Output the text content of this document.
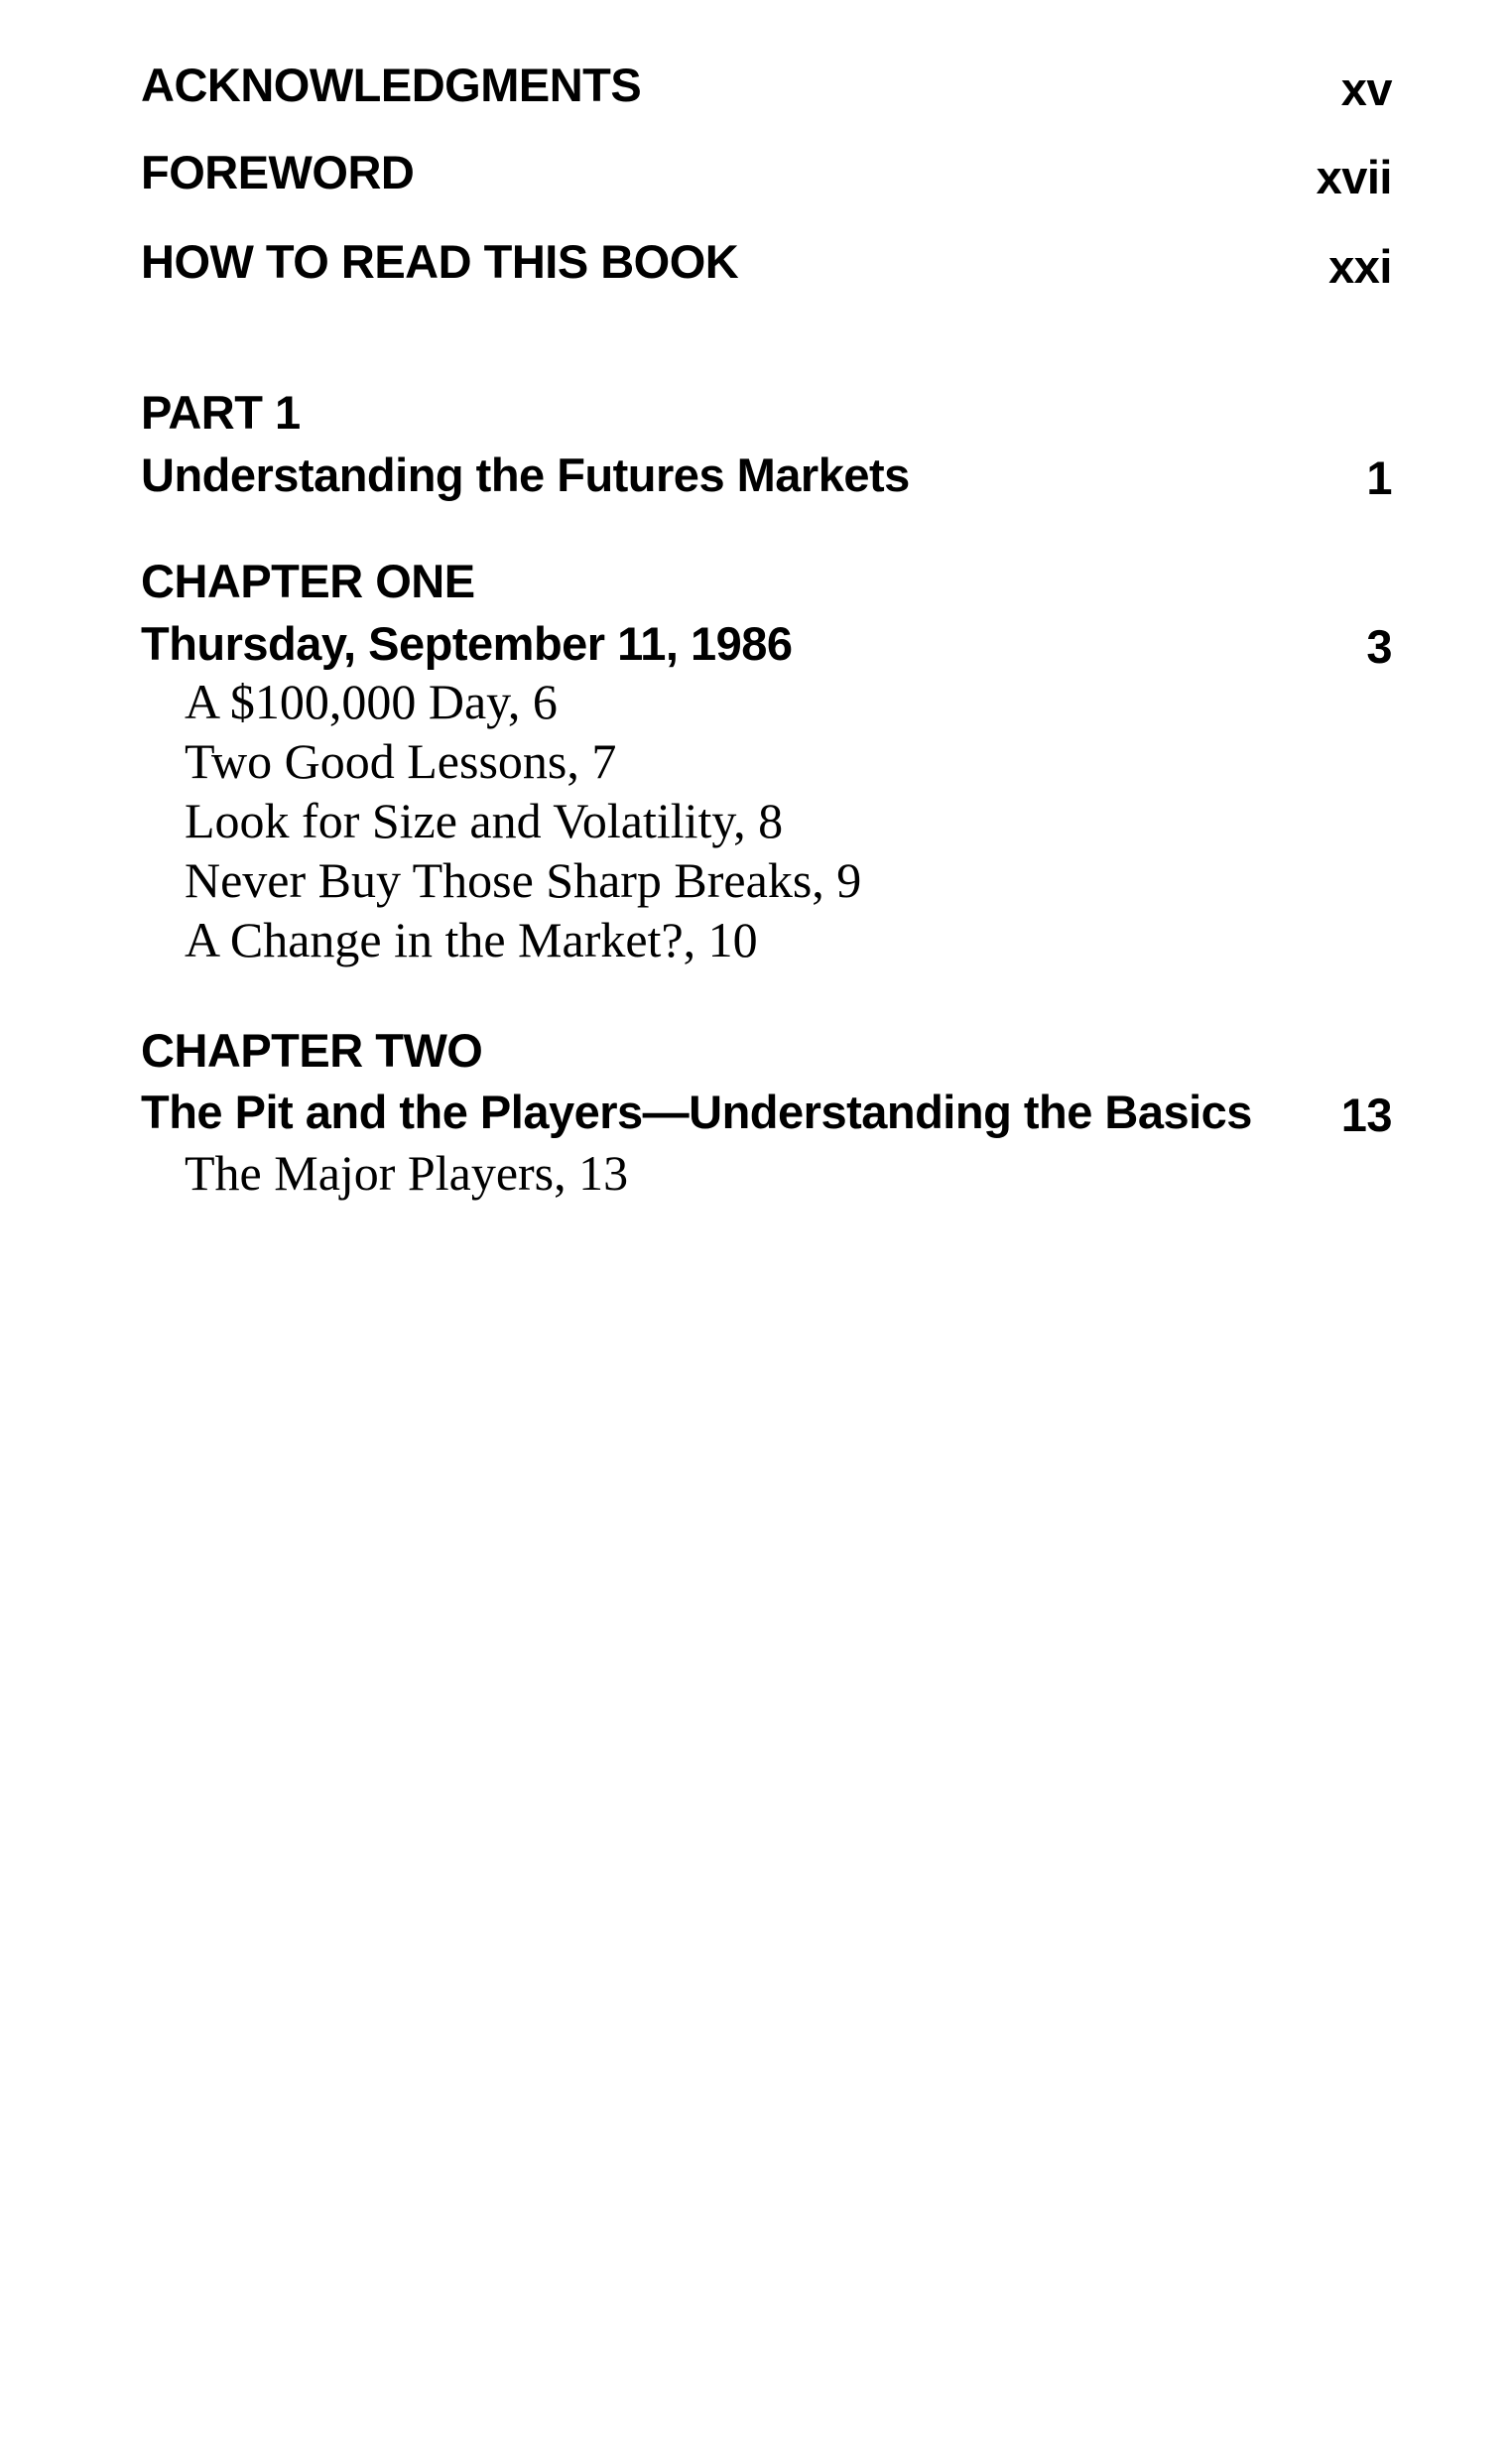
ACKNOWLEDGMENTS	xv
FOREWORD	xvii
HOW TO READ THIS BOOK	xxi
PART 1
Understanding the Futures Markets	1
CHAPTER ONE
Thursday, September 11, 1986	3
A $100,000 Day, 6
Two Good Lessons, 7
Look for Size and Volatility, 8
Never Buy Those Sharp Breaks, 9
A Change in the Market?, 10
CHAPTER TWO
The Pit and the Players—Understanding the Basics 13
The Major Players, 13
